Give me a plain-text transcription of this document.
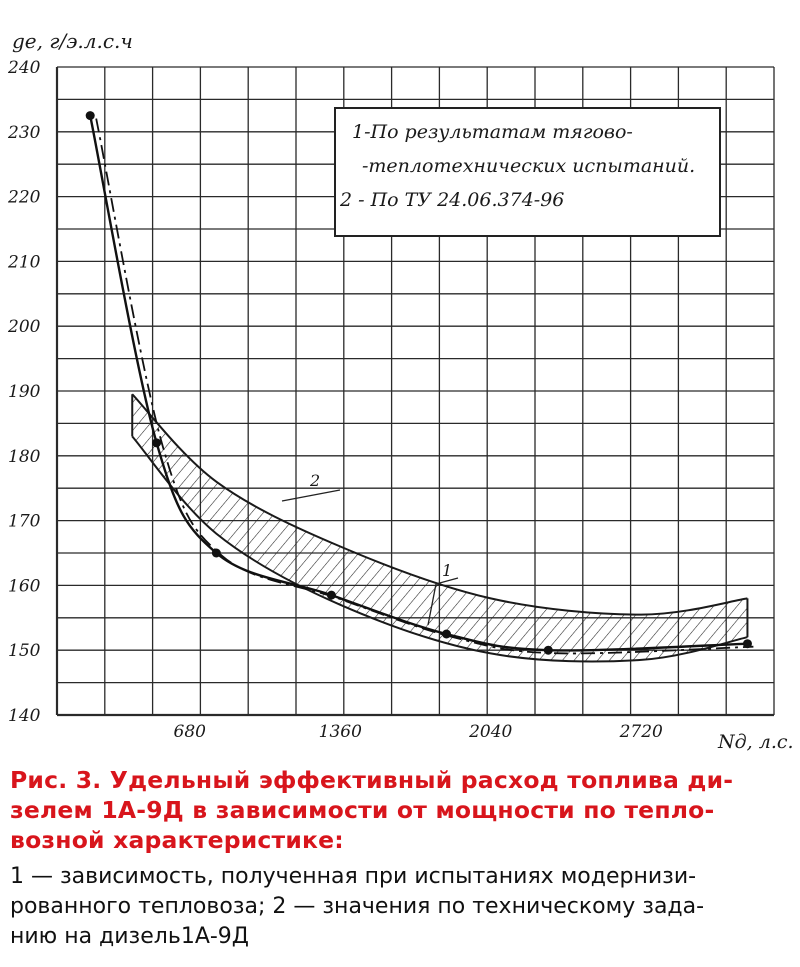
140
150
160
170
180
190
200
210
220
230
240
680	1360	2040	2720
gе, г/э.л.с.ч
Nд, л.с.
1-По результатам тягово-
-теплотехнических испытаний.
2 - По ТУ 24.06.374-96
1
2
Рис. 3. Удельный эффективный расход топлива ди-
зелем 1А-9Д в зависимости от мощности по тепло-
возной характеристике:
1 — зависимость, полученная при испытаниях модернизи-
рованного тепловоза; 2 — значения по техническому зада-
нию на дизель1А-9Д
